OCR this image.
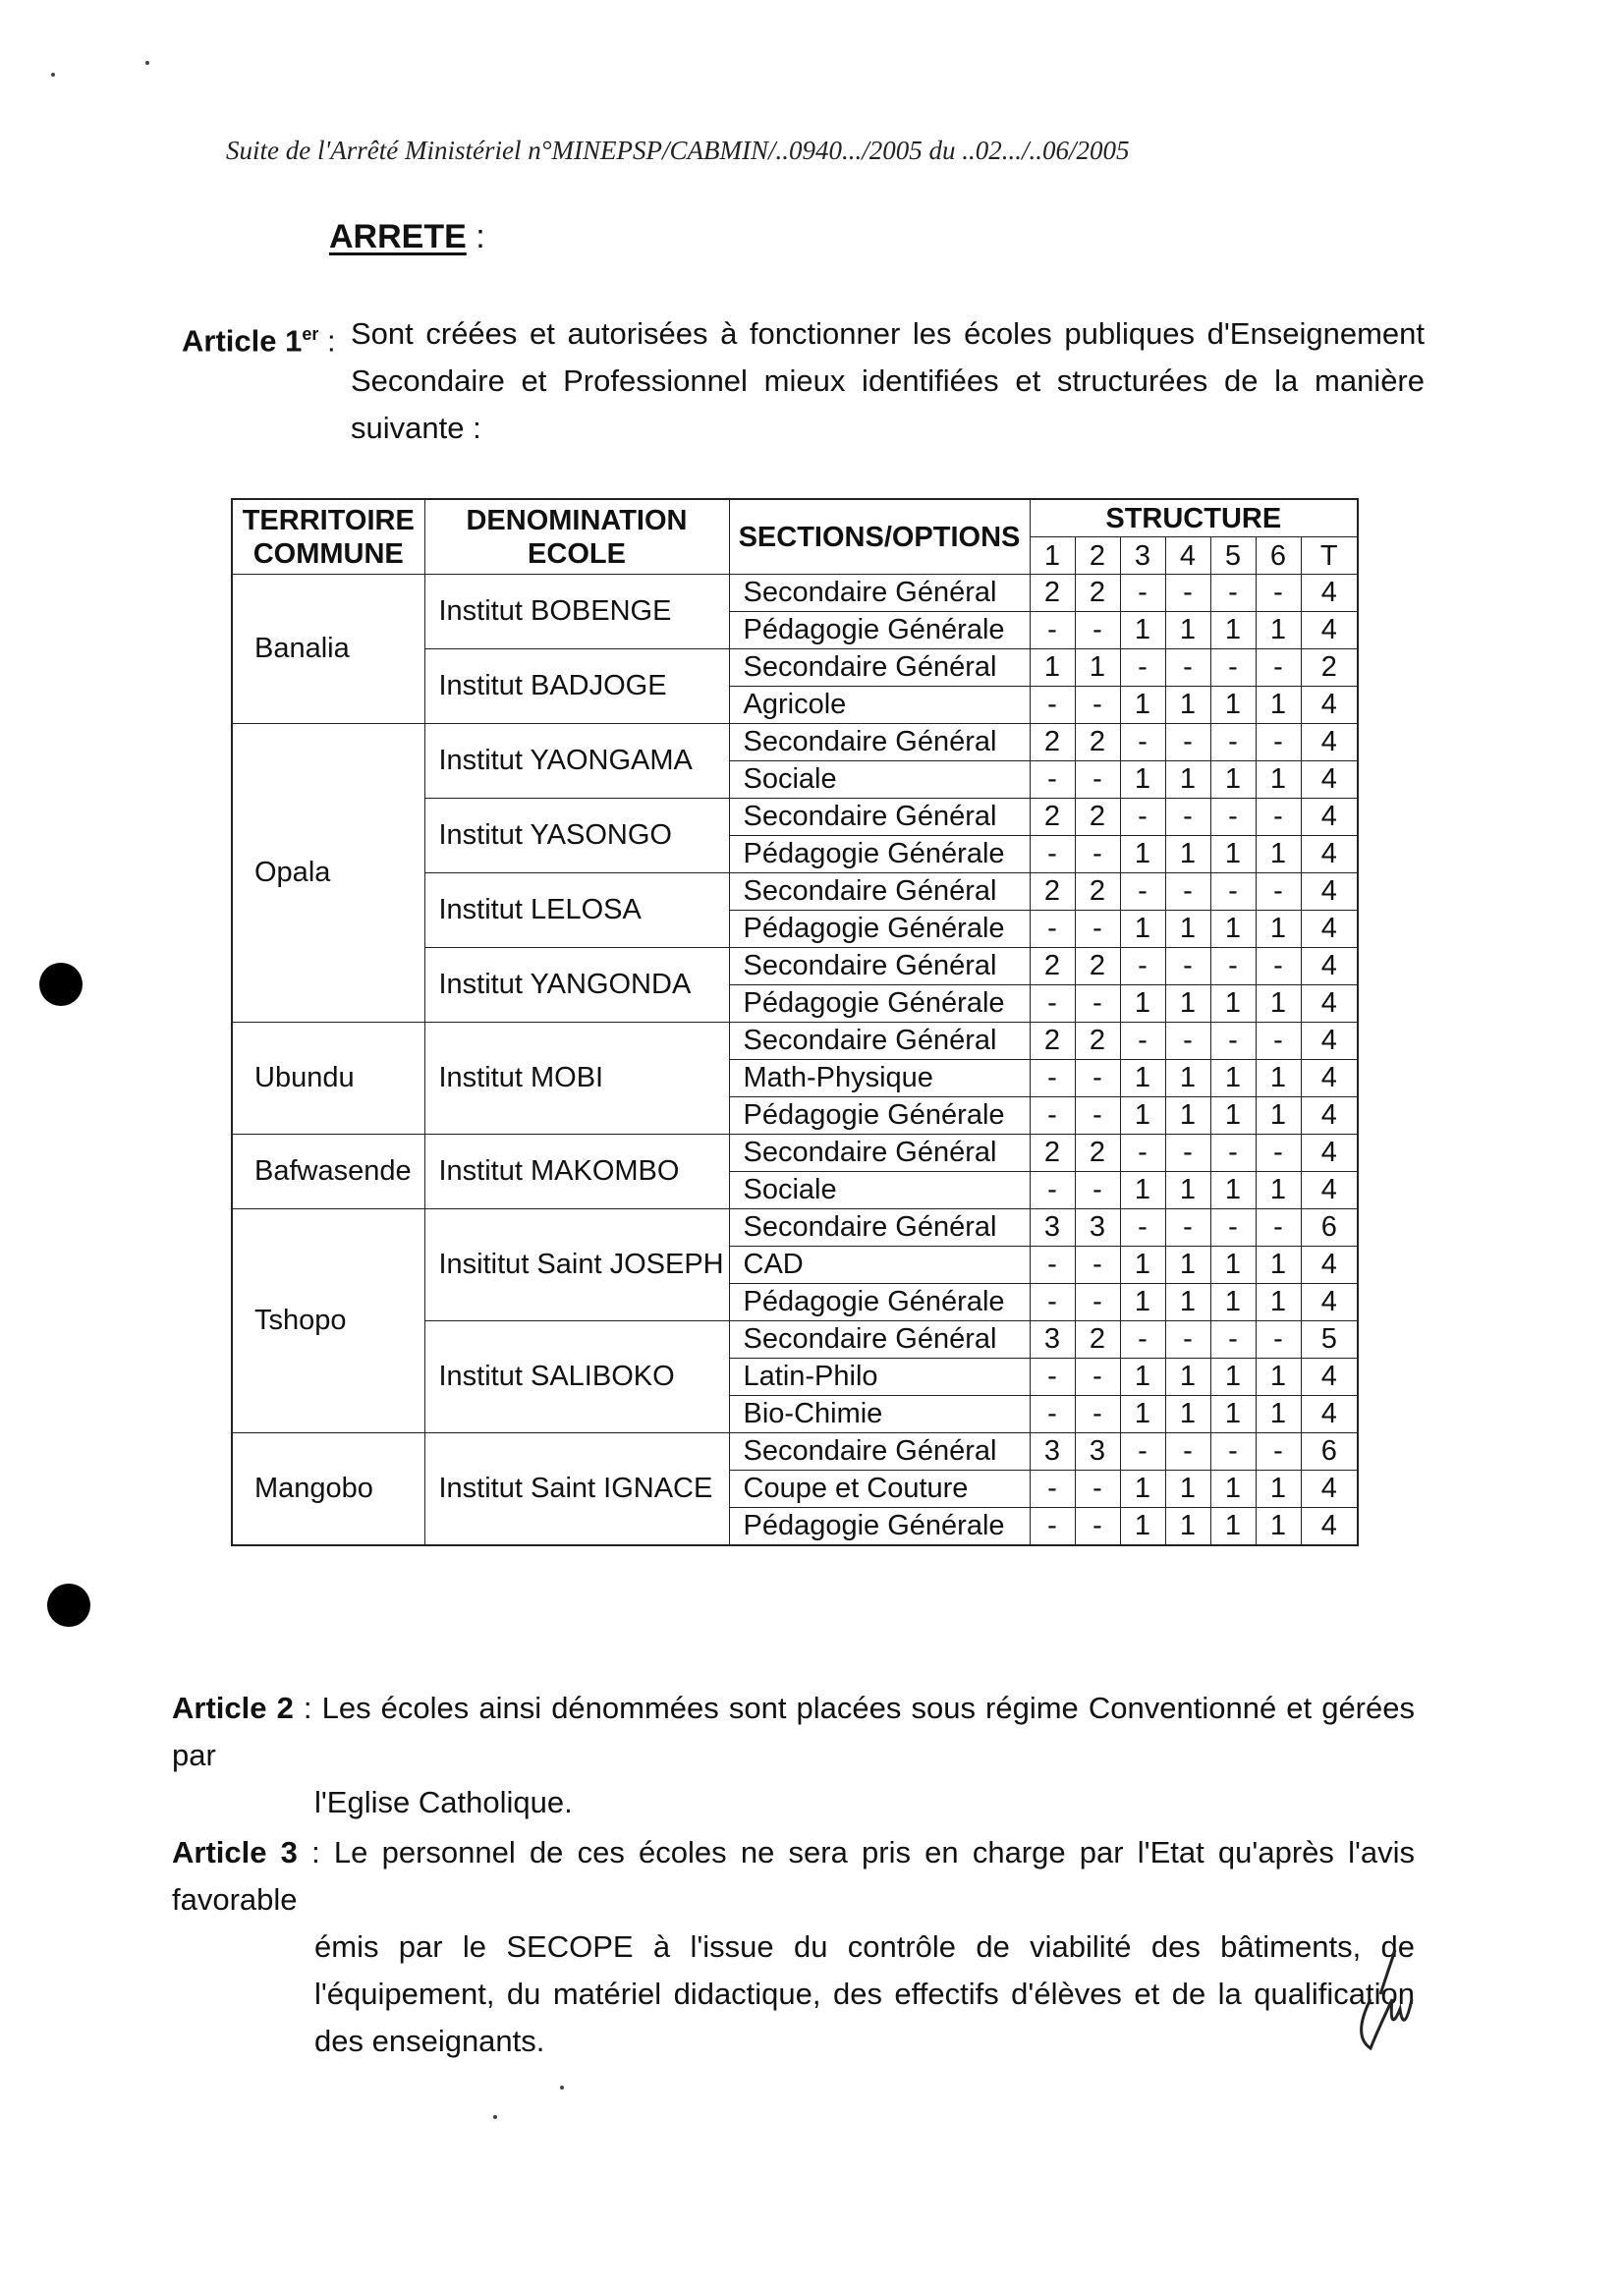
Suite de l'Arrêté Ministériel n°MINEPSP/CABMIN/..0940.../2005 du ..02.../..06/2005
ARRETE :
Article 1er : Sont créées et autorisées à fonctionner les écoles publiques d'Enseignement Secondaire et Professionnel mieux identifiées et structurées de la manière suivante :
TERRITOIRE COMMUNE	DENOMINATION ECOLE	SECTIONS/OPTIONS	STRUCTURE						
			1	2	3	4	5	6	T
Banalia	Institut BOBENGE	Secondaire Général	2	2	-	-	-	-	4
		Pédagogie Générale	-	-	1	1	1	1	4
	Institut BADJOGE	Secondaire Général	1	1	-	-	-	-	2
		Agricole	-	-	1	1	1	1	4
Opala	Institut YAONGAMA	Secondaire Général	2	2	-	-	-	-	4
		Sociale	-	-	1	1	1	1	4
	Institut YASONGO	Secondaire Général	2	2	-	-	-	-	4
		Pédagogie Générale	-	-	1	1	1	1	4
	Institut LELOSA	Secondaire Général	2	2	-	-	-	-	4
		Pédagogie Générale	-	-	1	1	1	1	4
	Institut YANGONDA	Secondaire Général	2	2	-	-	-	-	4
		Pédagogie Générale	-	-	1	1	1	1	4
Ubundu	Institut MOBI	Secondaire Général	2	2	-	-	-	-	4
		Math-Physique	-	-	1	1	1	1	4
		Pédagogie Générale	-	-	1	1	1	1	4
Bafwasende	Institut MAKOMBO	Secondaire Général	2	2	-	-	-	-	4
		Sociale	-	-	1	1	1	1	4
Tshopo	Insititut Saint JOSEPH	Secondaire Général	3	3	-	-	-	-	6
		CAD	-	-	1	1	1	1	4
		Pédagogie Générale	-	-	1	1	1	1	4
	Institut SALIBOKO	Secondaire Général	3	2	-	-	-	-	5
		Latin-Philo	-	-	1	1	1	1	4
		Bio-Chimie	-	-	1	1	1	1	4
Mangobo	Institut Saint IGNACE	Secondaire Général	3	3	-	-	-	-	6
		Coupe et Couture	-	-	1	1	1	1	4
		Pédagogie Générale	-	-	1	1	1	1	4
Article 2 : Les écoles ainsi dénommées sont placées sous régime Conventionné et gérées par
l'Eglise Catholique.
Article 3 : Le personnel de ces écoles ne sera pris en charge par l'Etat qu'après l'avis favorable
émis par le SECOPE à l'issue du contrôle de viabilité des bâtiments, de l'équipement, du matériel didactique, des effectifs d'élèves et de la qualification des enseignants.
